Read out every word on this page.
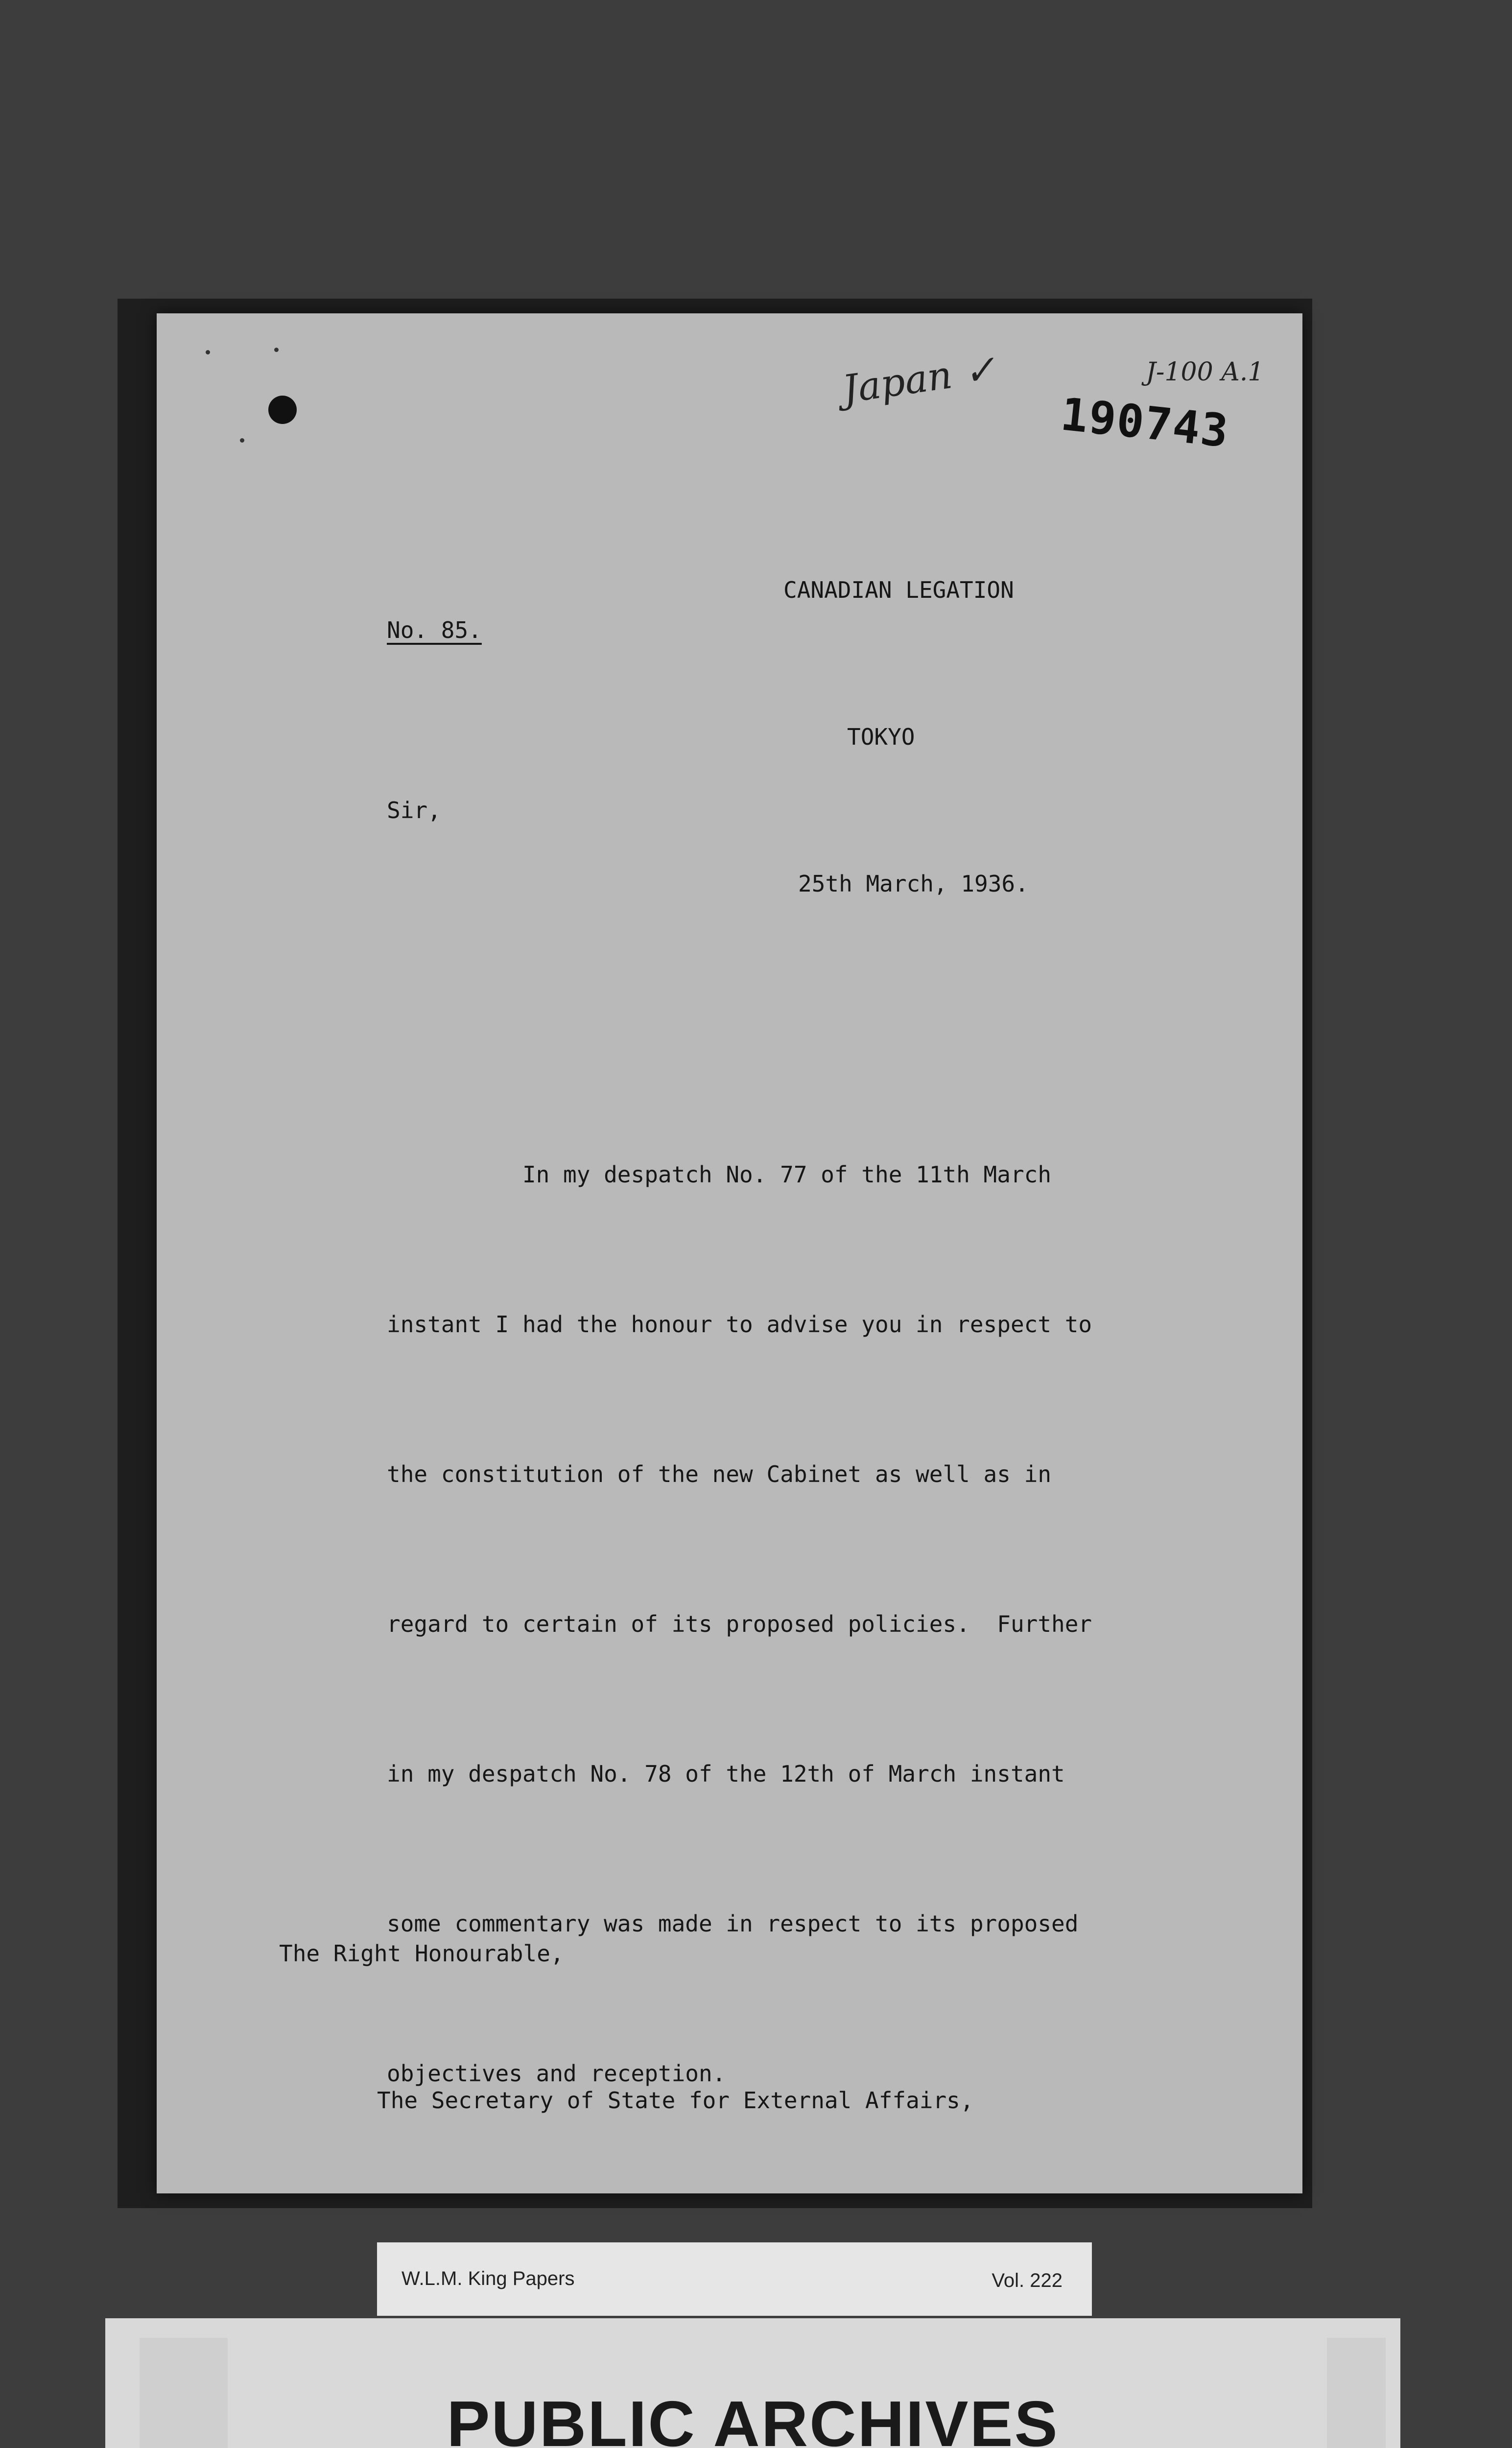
Japan ✓	J-100 A.1
190743

CANADIAN LEGATION

TOKYO

25th March, 1936.

No. 85.

Sir,

In my despatch No. 77 of the 11th March

instant I had the honour to advise you in respect to

the constitution of the new Cabinet as well as in

regard to certain of its proposed policies.  Further

in my despatch No. 78 of the 12th of March instant

some commentary was made in respect to its proposed

objectives and reception.

The Right Honourable,

The Secretary of State for External Affairs,

W.L.M. King Papers	Vol. 222
PUBLIC ARCHIVES
